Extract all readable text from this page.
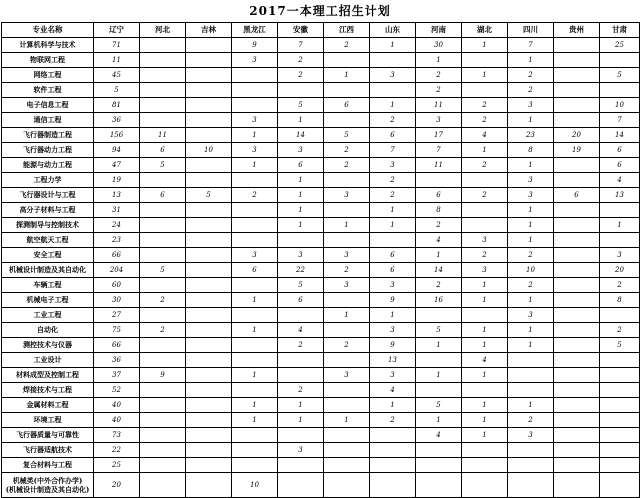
2017一本理工招生计划
专业名称	辽宁	河北	吉林	黑龙江	安徽	江西	山东	河南	湖北	四川	贵州	甘肃
计算机科学与技术	71			9	7	2	1	30	1	7		25
物联网工程	11			3	2			1		1		
网络工程	45				2	1	3	2	1	2		5
软件工程	5							2		2		
电子信息工程	81				5	6	1	11	2	3		10
通信工程	36			3	1		2	3	2	1		7
飞行器制造工程	156	11		1	14	5	6	17	4	23	20	14
飞行器动力工程	94	6	10	3	3	2	7	7	1	8	19	6
能源与动力工程	47	5		1	6	2	3	11	2	1		6
工程力学	19				1		2			3		4
飞行器设计与工程	13	6	5	2	1	3	2	6	2	3	6	13
高分子材料与工程	31				1		1	8		1		
探测制导与控制技术	24				1	1	1	2		1		1
航空航天工程	23							4	3	1		
安全工程	66			3	3	3	6	1	2	2		3
机械设计制造及其自动化	204	5		6	22	2	6	14	3	10		20
车辆工程	60				5	3	3	2	1	2		2
机械电子工程	30	2		1	6		9	16	1	1		8
工业工程	27					1	1			3		
自动化	75	2		1	4		3	5	1	1		2
测控技术与仪器	66				2	2	9	1	1	1		5
工业设计	36						13		4			
材料成型及控制工程	37	9		1		3	3	1	1			
焊接技术与工程	52				2		4					
金属材料工程	40			1	1		1	5	1	1		
环境工程	40			1	1	1	2	1	1	2		
飞行器质量与可靠性	73							4	1	3		
飞行器适航技术	22				3							
复合材料与工程	25											
机械类(中外合作办学)
(机械设计制造及其自动化)	20			10								
